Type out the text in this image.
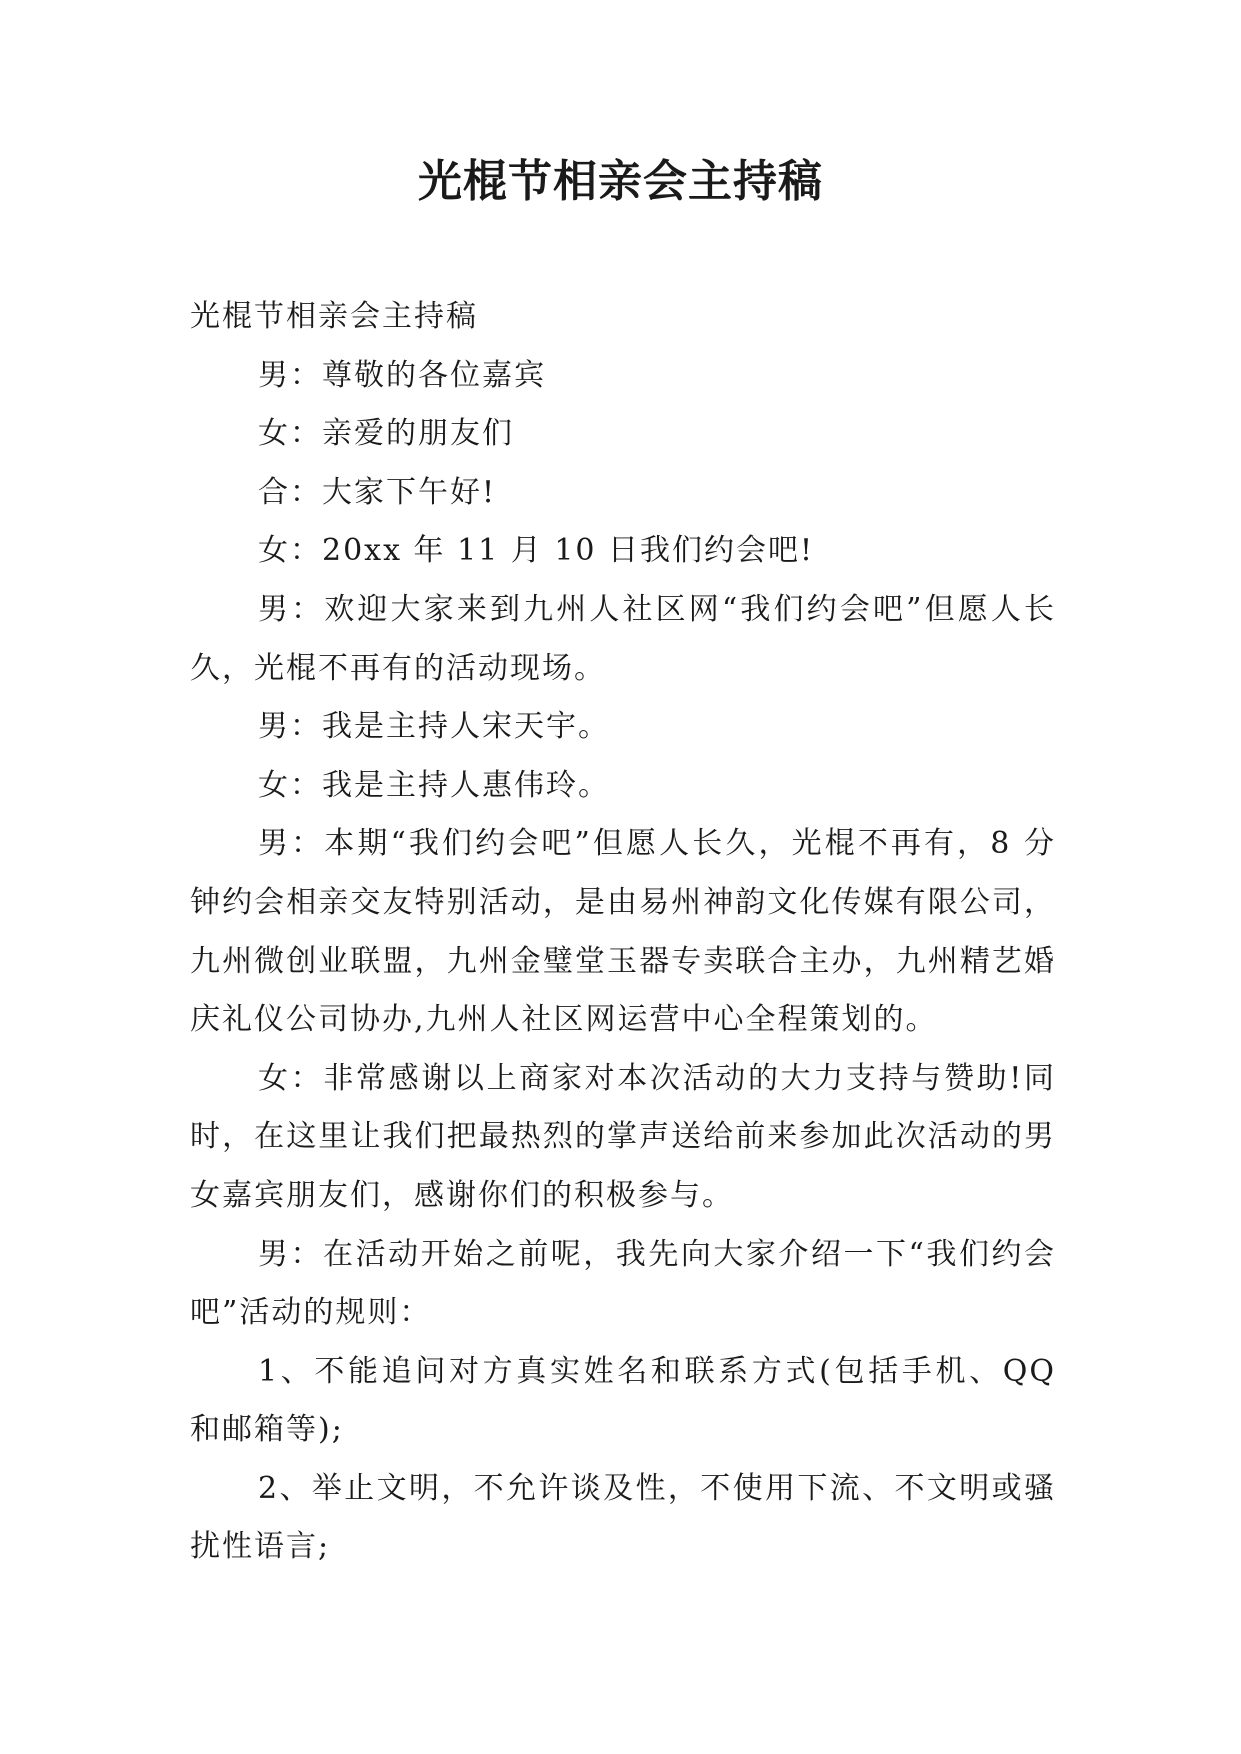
光棍节相亲会主持稿

光棍节相亲会主持稿

男：尊敬的各位嘉宾

女：亲爱的朋友们

合：大家下午好!

女：20xx 年 11 月 10 日我们约会吧!

男：欢迎大家来到九州人社区网“我们约会吧”但愿人长久，光棍不再有的活动现场。

男：我是主持人宋天宇。

女：我是主持人惠伟玲。

男：本期“我们约会吧”但愿人长久，光棍不再有，8 分钟约会相亲交友特别活动，是由易州神韵文化传媒有限公司，九州微创业联盟，九州金璧堂玉器专卖联合主办，九州精艺婚庆礼仪公司协办,九州人社区网运营中心全程策划的。

女：非常感谢以上商家对本次活动的大力支持与赞助!同时，在这里让我们把最热烈的掌声送给前来参加此次活动的男女嘉宾朋友们，感谢你们的积极参与。

男：在活动开始之前呢，我先向大家介绍一下“我们约会吧”活动的规则：

1、不能追问对方真实姓名和联系方式(包括手机、QQ 和邮箱等);

2、举止文明，不允许谈及性，不使用下流、不文明或骚扰性语言;
